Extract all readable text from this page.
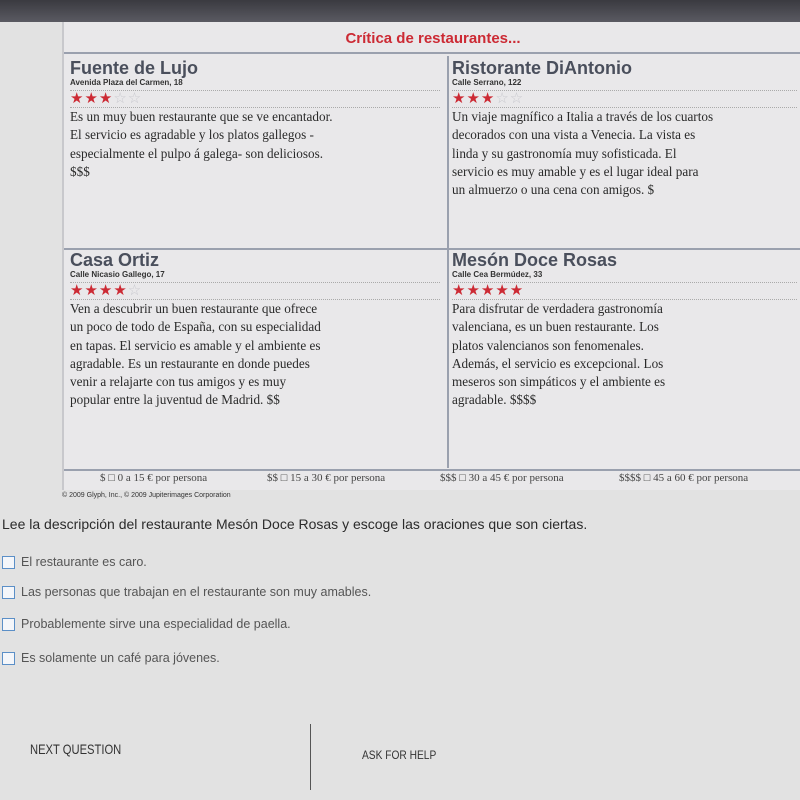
Crítica de restaurantes...
Fuente de Lujo
Avenida Plaza del Carmen, 18
★★★☆☆
Es un muy buen restaurante que se ve encantador. El servicio es agradable y los platos gallegos -especialmente el pulpo á galega- son deliciosos. $$$
Ristorante DiAntonio
Calle Serrano, 122
★★★☆☆
Un viaje magnífico a Italia a través de los cuartos decorados con una vista a Venecia. La vista es linda y su gastronomía muy sofisticada. El servicio es muy amable y es el lugar ideal para un almuerzo o una cena con amigos. $
Casa Ortiz
Calle Nicasio Gallego, 17
★★★★☆
Ven a descubrir un buen restaurante que ofrece un poco de todo de España, con su especialidad en tapas. El servicio es amable y el ambiente es agradable. Es un restaurante en donde puedes venir a relajarte con tus amigos y es muy popular entre la juventud de Madrid. $$
Mesón Doce Rosas
Calle Cea Bermúdez, 33
★★★★★
Para disfrutar de verdadera gastronomía valenciana, es un buen restaurante. Los platos valencianos son fenomenales. Además, el servicio es excepcional. Los meseros son simpáticos y el ambiente es agradable. $$$$
$ □ 0 a 15 € por persona	$$ □ 15 a 30 € por persona	$$$ □ 30 a 45 € por persona	$$$$ □ 45 a 60 € por persona
© 2009 Glyph, Inc., © 2009 Jupiterimages Corporation
Lee la descripción del restaurante Mesón Doce Rosas y escoge las oraciones que son ciertas.
El restaurante es caro.
Las personas que trabajan en el restaurante son muy amables.
Probablemente sirve una especialidad de paella.
Es solamente un café para jóvenes.
NEXT QUESTION	ASK FOR HELP
